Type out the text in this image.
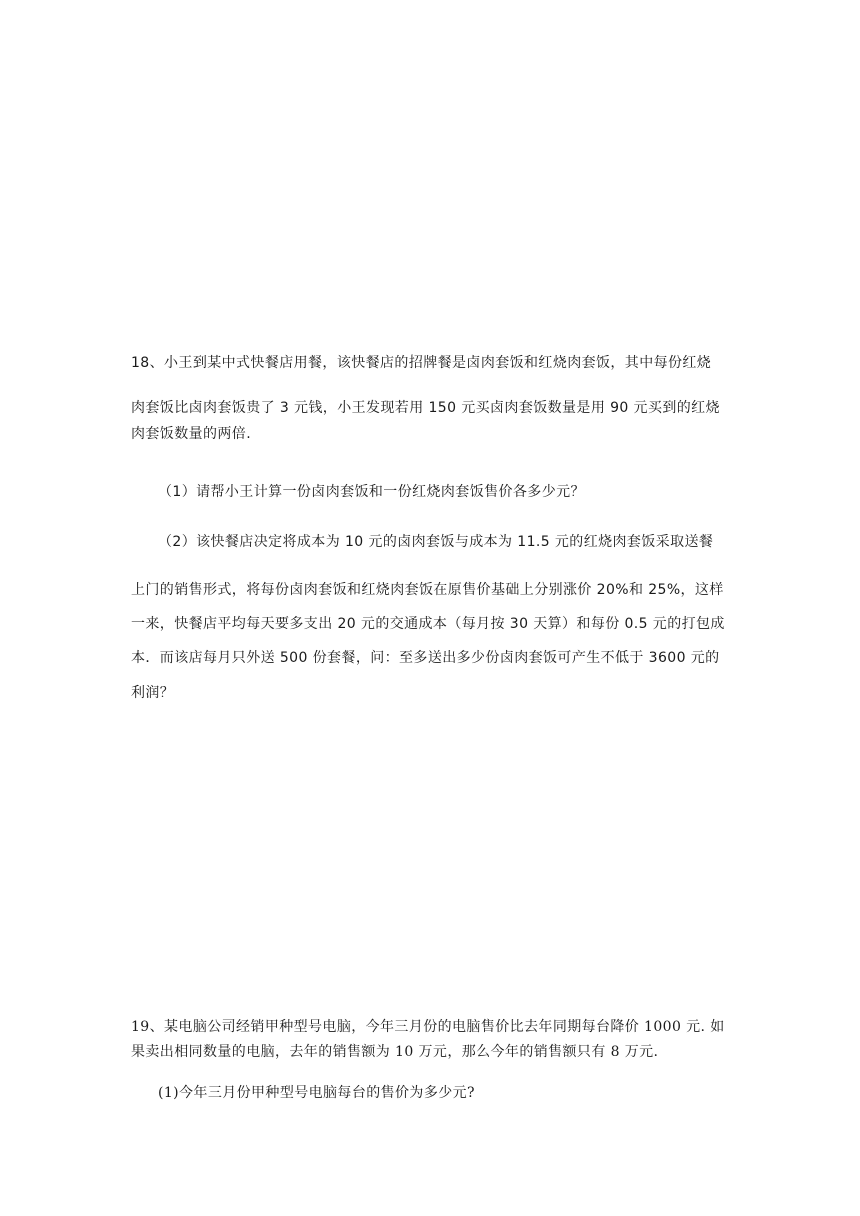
18、小王到某中式快餐店用餐，该快餐店的招牌餐是卤肉套饭和红烧肉套饭，其中每份红烧
肉套饭比卤肉套饭贵了 3 元钱，小王发现若用 150 元买卤肉套饭数量是用 90 元买到的红烧
肉套饭数量的两倍.
（1）请帮小王计算一份卤肉套饭和一份红烧肉套饭售价各多少元？
（2）该快餐店决定将成本为 10 元的卤肉套饭与成本为 11.5 元的红烧肉套饭采取送餐
上门的销售形式，将每份卤肉套饭和红烧肉套饭在原售价基础上分别涨价 20%和 25%，这样
一来，快餐店平均每天要多支出 20 元的交通成本（每月按 30 天算）和每份 0.5 元的打包成
本．而该店每月只外送 500 份套餐，问：至多送出多少份卤肉套饭可产生不低于 3600 元的
利润？
19、某电脑公司经销甲种型号电脑，今年三月份的电脑售价比去年同期每台降价 1000 元. 如
果卖出相同数量的电脑，去年的销售额为 10 万元，那么今年的销售额只有 8 万元.
(1)今年三月份甲种型号电脑每台的售价为多少元?
